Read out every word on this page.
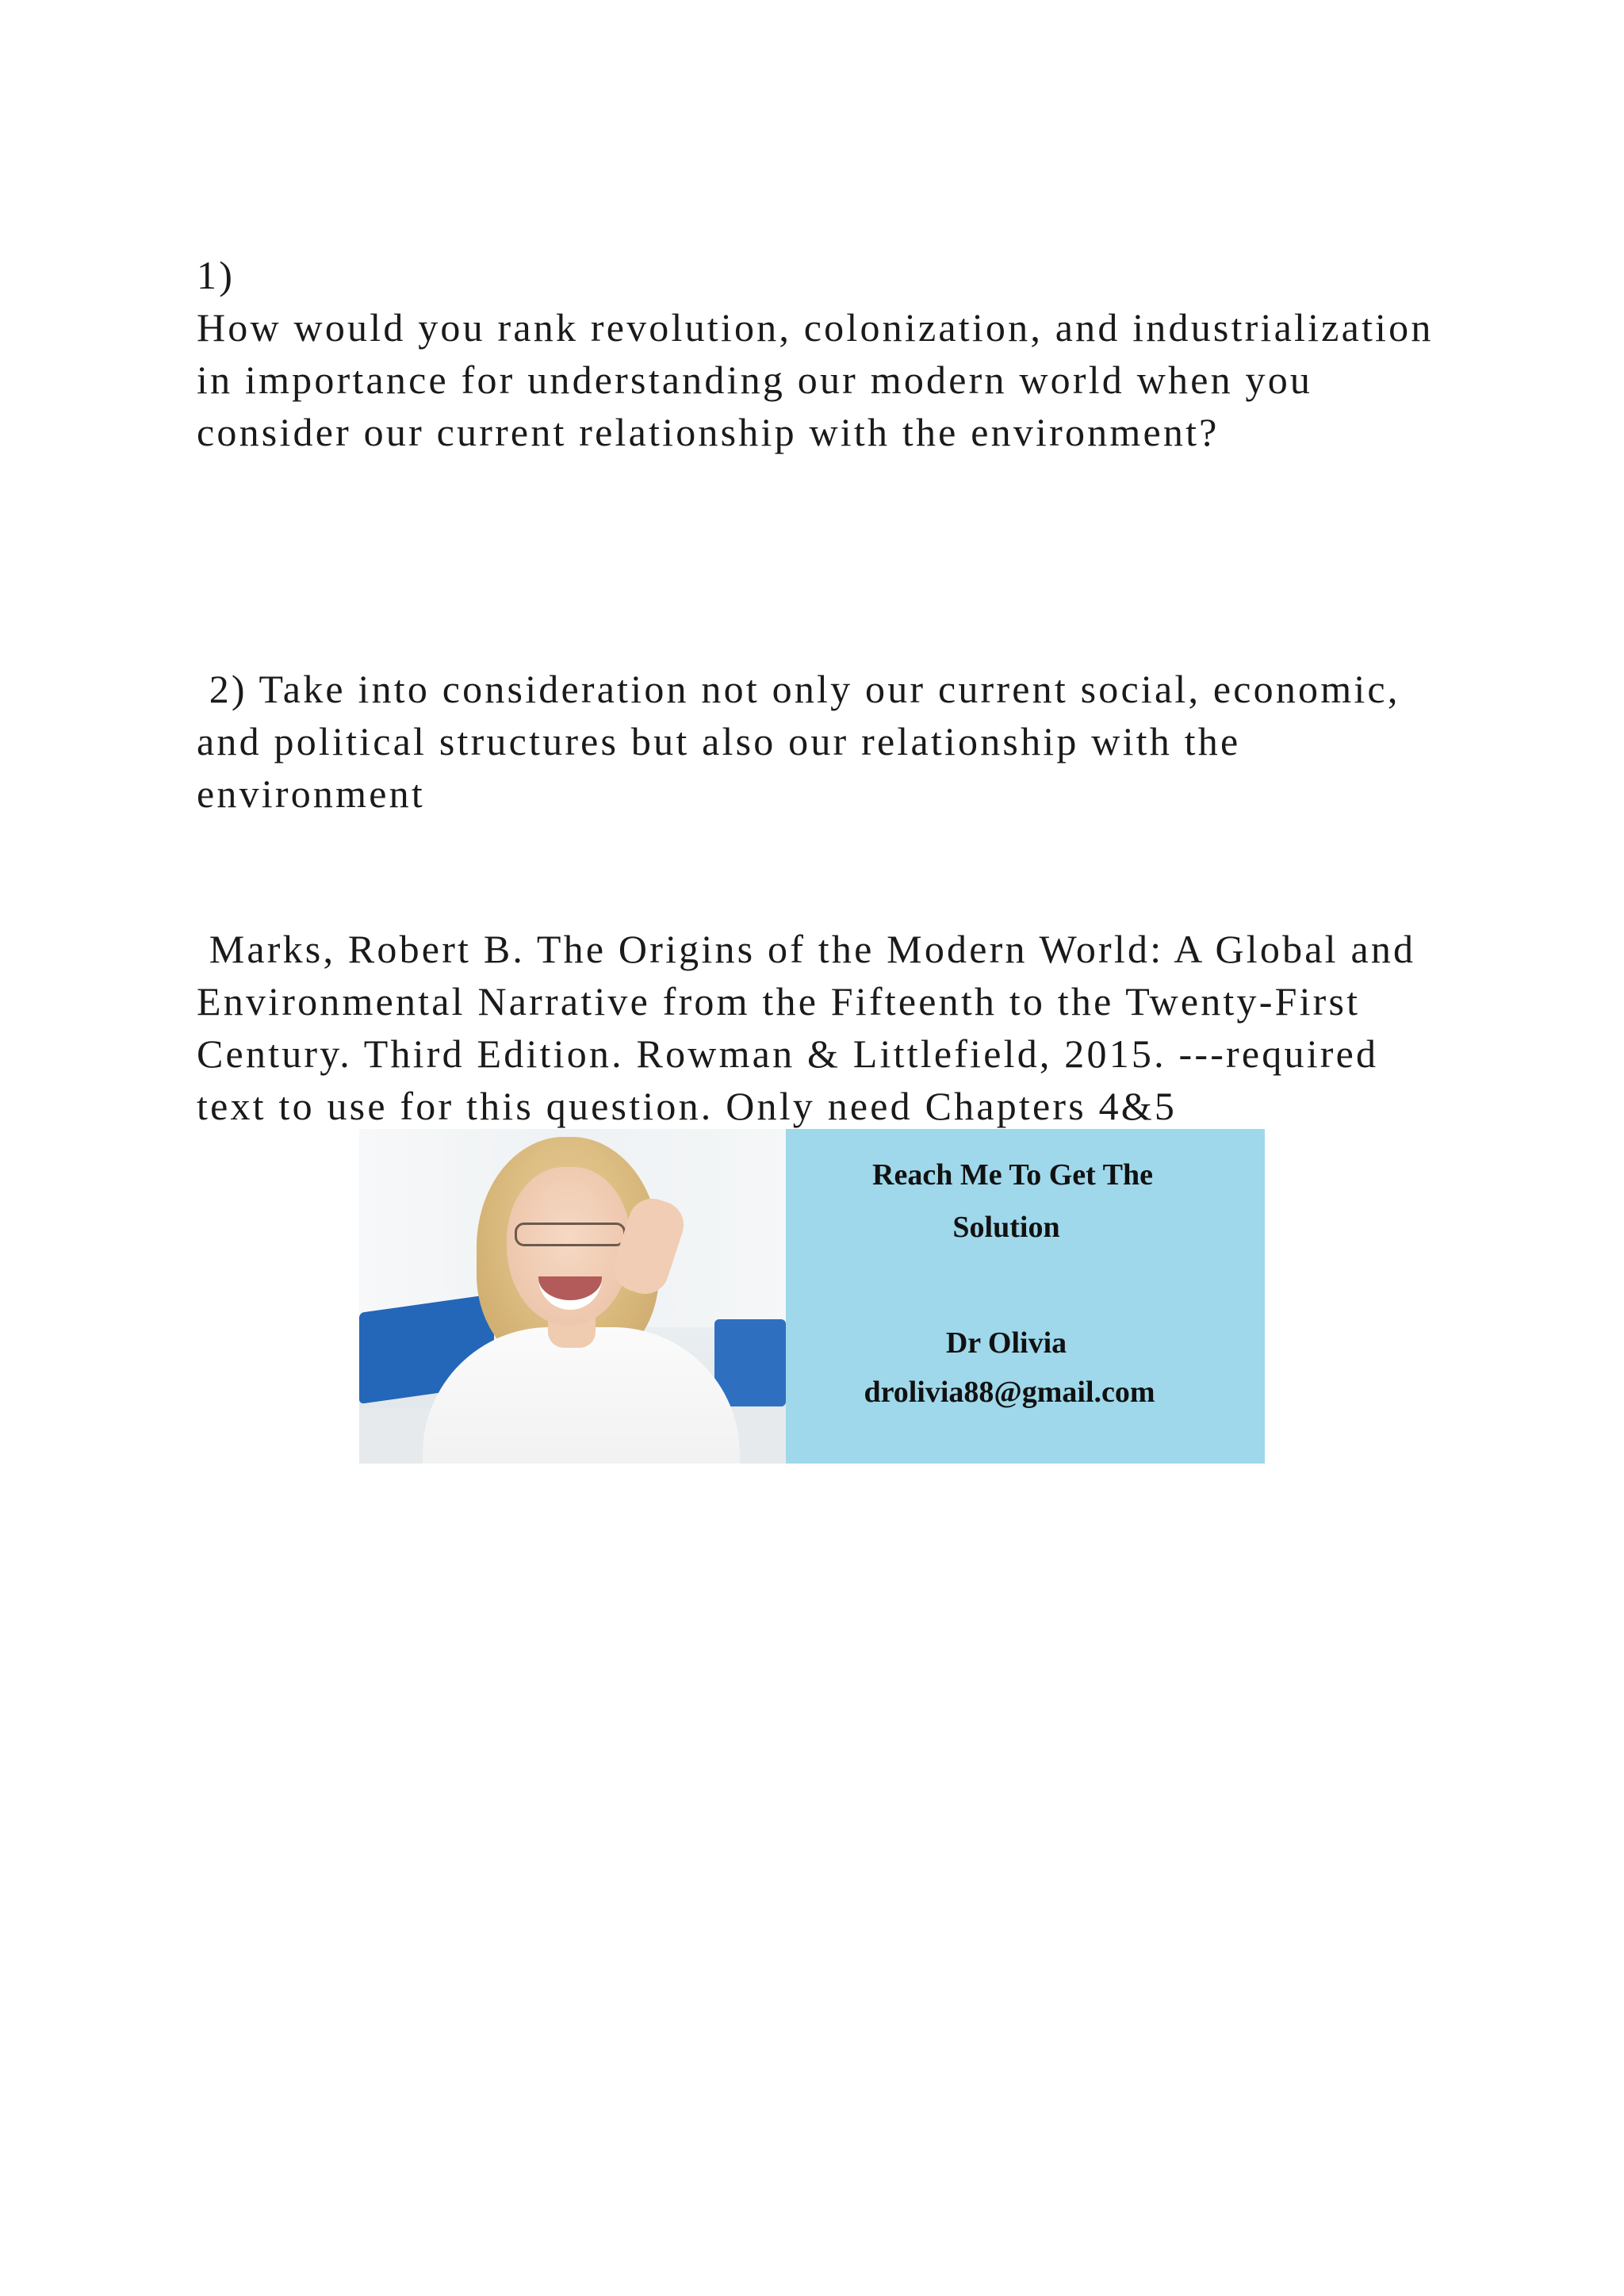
1)

How would you rank revolution, colonization, and industrialization in importance for understanding our modern world when you consider our current relationship with the environment?

2) Take into consideration not only our current social, economic, and political structures but also our relationship with the environment

Marks, Robert B. The Origins of the Modern World: A Global and Environmental Narrative from the Fifteenth to the Twenty-First Century. Third Edition. Rowman & Littlefield, 2015. ---required text to use for this question. Only need Chapters 4&5

Reach Me To Get The

Solution

Dr Olivia

drolivia88@gmail.com
